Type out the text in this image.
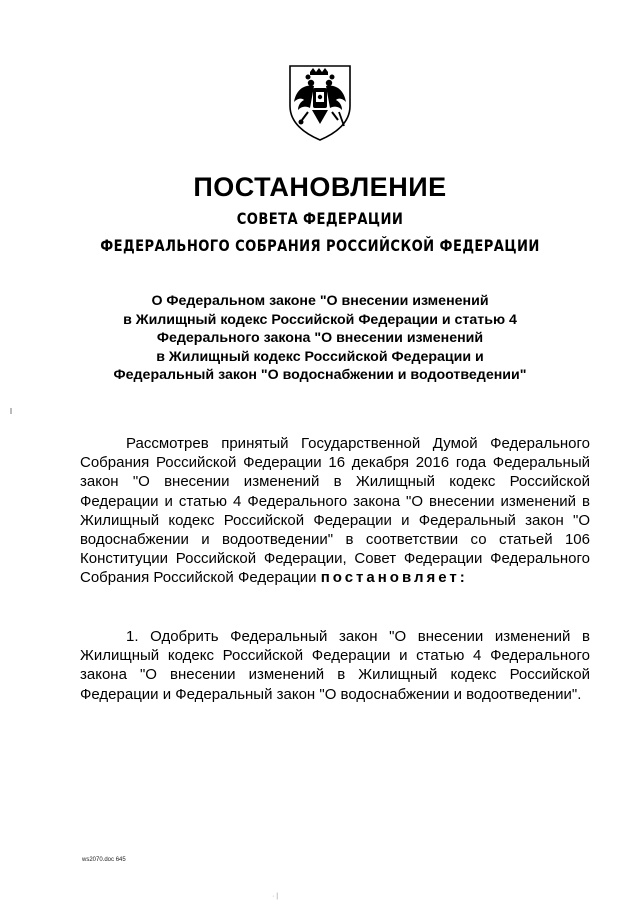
ПОСТАНОВЛЕНИЕ
СОВЕТА ФЕДЕРАЦИИ
ФЕДЕРАЛЬНОГО СОБРАНИЯ РОССИЙСКОЙ ФЕДЕРАЦИИ
О Федеральном законе "О внесении изменений
в Жилищный кодекс Российской Федерации и статью 4
Федерального закона "О внесении изменений
в Жилищный кодекс Российской Федерации и
Федеральный закон "О водоснабжении и водоотведении"

Рассмотрев принятый Государственной Думой Федерального Собрания Российской Федерации 16 декабря 2016 года Федеральный закон "О внесении изменений в Жилищный кодекс Российской Федерации и статью 4 Федерального закона "О внесении изменений в Жилищный кодекс Российской Федерации и Федеральный закон "О водоснабжении и водоотведении" в соответствии со статьей 106 Конституции Российской Федерации, Совет Федерации Федерального Собрания Российской Федерации постановляет:

1. Одобрить Федеральный закон "О внесении изменений в Жилищный кодекс Российской Федерации и статью 4 Федерального закона "О внесении изменений в Жилищный кодекс Российской Федерации и Федеральный закон "О водоснабжении и водоотведении".

ws2070.doc 645
· |
